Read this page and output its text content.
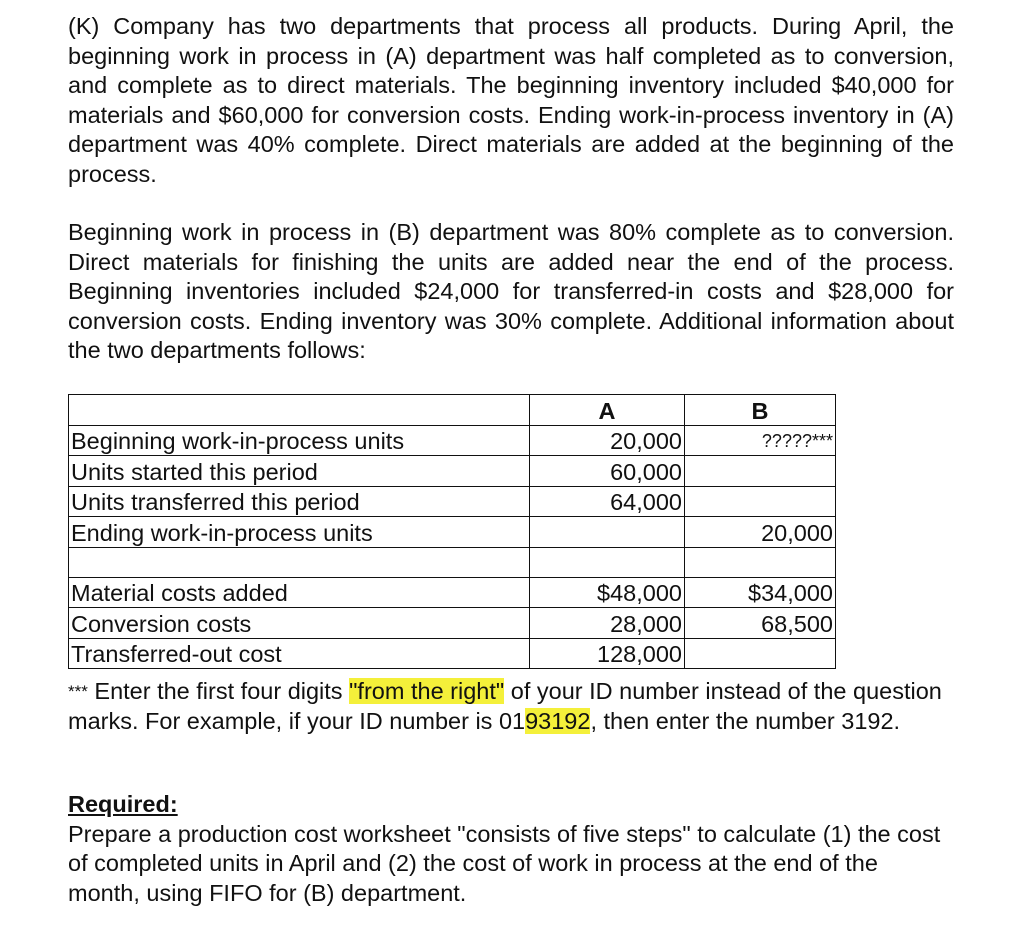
(K) Company has two departments that process all products. During April, the beginning work in process in (A) department was half completed as to conversion, and complete as to direct materials. The beginning inventory included $40,000 for materials and $60,000 for conversion costs. Ending work-in-process inventory in (A) department was 40% complete. Direct materials are added at the beginning of the process.

Beginning work in process in (B) department was 80% complete as to conversion. Direct materials for finishing the units are added near the end of the process. Beginning inventories included $24,000 for transferred-in costs and $28,000 for conversion costs. Ending inventory was 30% complete. Additional information about the two departments follows:

	A	B
Beginning work-in-process units	20,000	?????***
Units started this period	60,000	
Units transferred this period	64,000	
Ending work-in-process units		20,000

Material costs added	$48,000	$34,000
Conversion costs	28,000	68,500
Transferred-out cost	128,000	

*** Enter the first four digits "from the right" of your ID number instead of the question marks. For example, if your ID number is 0193192, then enter the number 3192.

Required:
Prepare a production cost worksheet "consists of five steps" to calculate (1) the cost of completed units in April and (2) the cost of work in process at the end of the month, using FIFO for (B) department.
